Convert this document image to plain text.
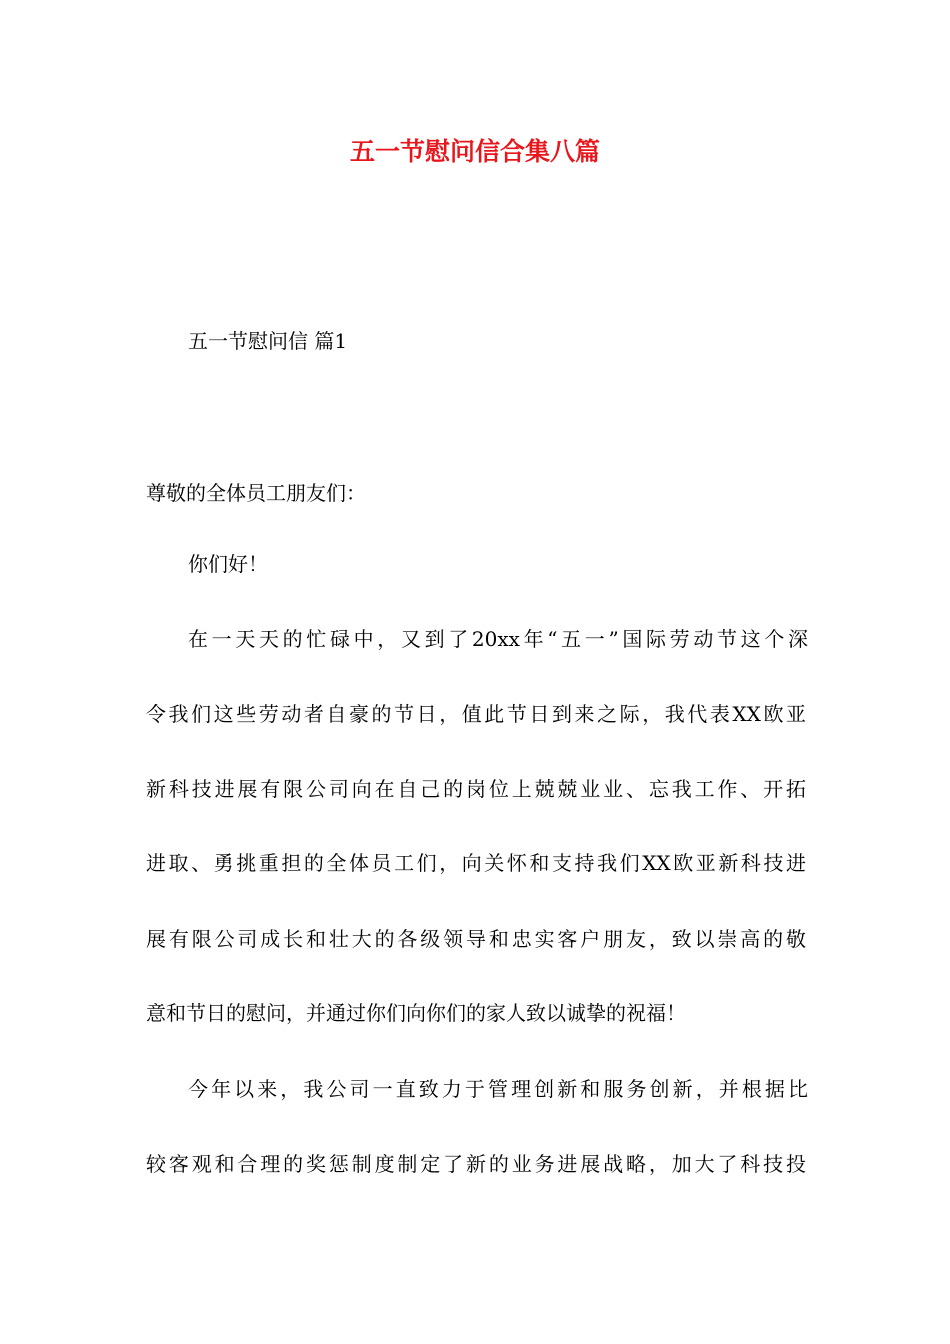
五一节慰问信合集八篇
五一节慰问信 篇1
尊敬的全体员工朋友们：
你们好！
在一天天的忙碌中，又到了20xx年“五一”国际劳动节这个深
令我们这些劳动者自豪的节日，值此节日到来之际，我代表XX欧亚
新科技进展有限公司向在自己的岗位上兢兢业业、忘我工作、开拓
进取、勇挑重担的全体员工们，向关怀和支持我们XX欧亚新科技进
展有限公司成长和壮大的各级领导和忠实客户朋友，致以崇高的敬
意和节日的慰问，并通过你们向你们的家人致以诚挚的祝福！
今年以来，我公司一直致力于管理创新和服务创新，并根据比
较客观和合理的奖惩制度制定了新的业务进展战略，加大了科技投
